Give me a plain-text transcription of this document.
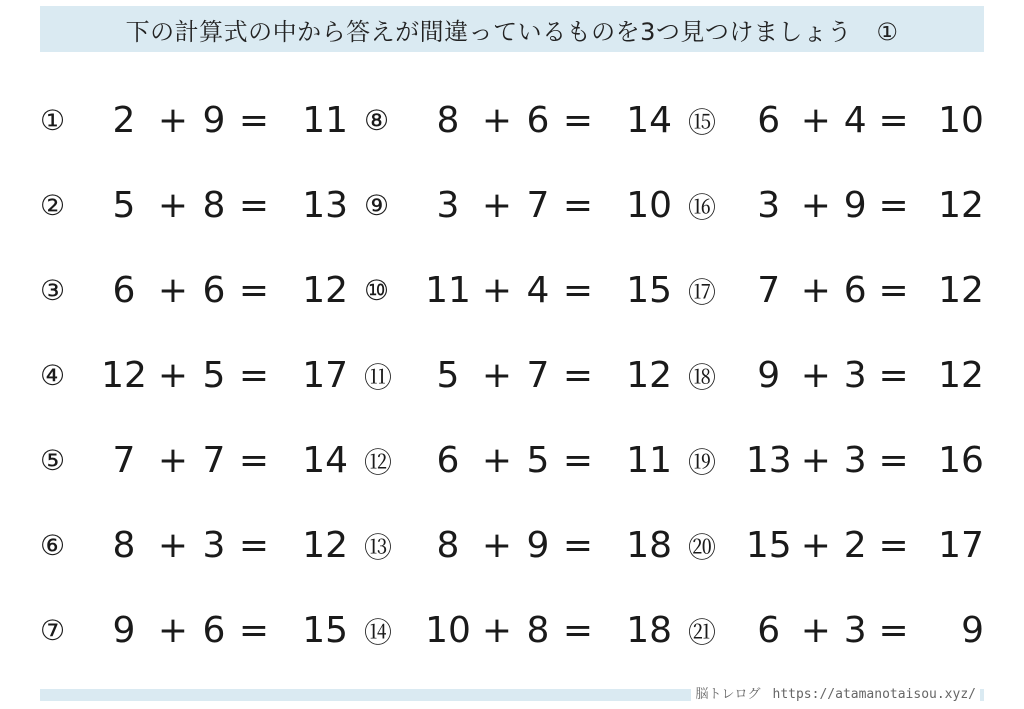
下の計算式の中から答えが間違っているものを3つ見つけましょう　①
①	2 + 9 = 11 ⑧	8 + 6 = 14 ⑮	6 + 4 = 10
②	5 + 8 = 13 ⑨	3 + 7 = 10 ⑯	3 + 9 = 12
③	6 + 6 = 12 ⑩ 11 + 4 = 15 ⑰	7 + 6 = 12
④ 12 + 5 = 17 ⑪	5 + 7 = 12 ⑱	9 + 3 = 12
⑤	7 + 7 = 14 ⑫	6 + 5 = 11 ⑲ 13 + 3 = 16
⑥	8 + 3 = 12 ⑬	8 + 9 = 18 ⑳ 15 + 2 = 17
⑦	9 + 6 = 15 ⑭ 10 + 8 = 18 ㉑	6 + 3 =	9
脳トレログ https://atamanotaisou.xyz/
